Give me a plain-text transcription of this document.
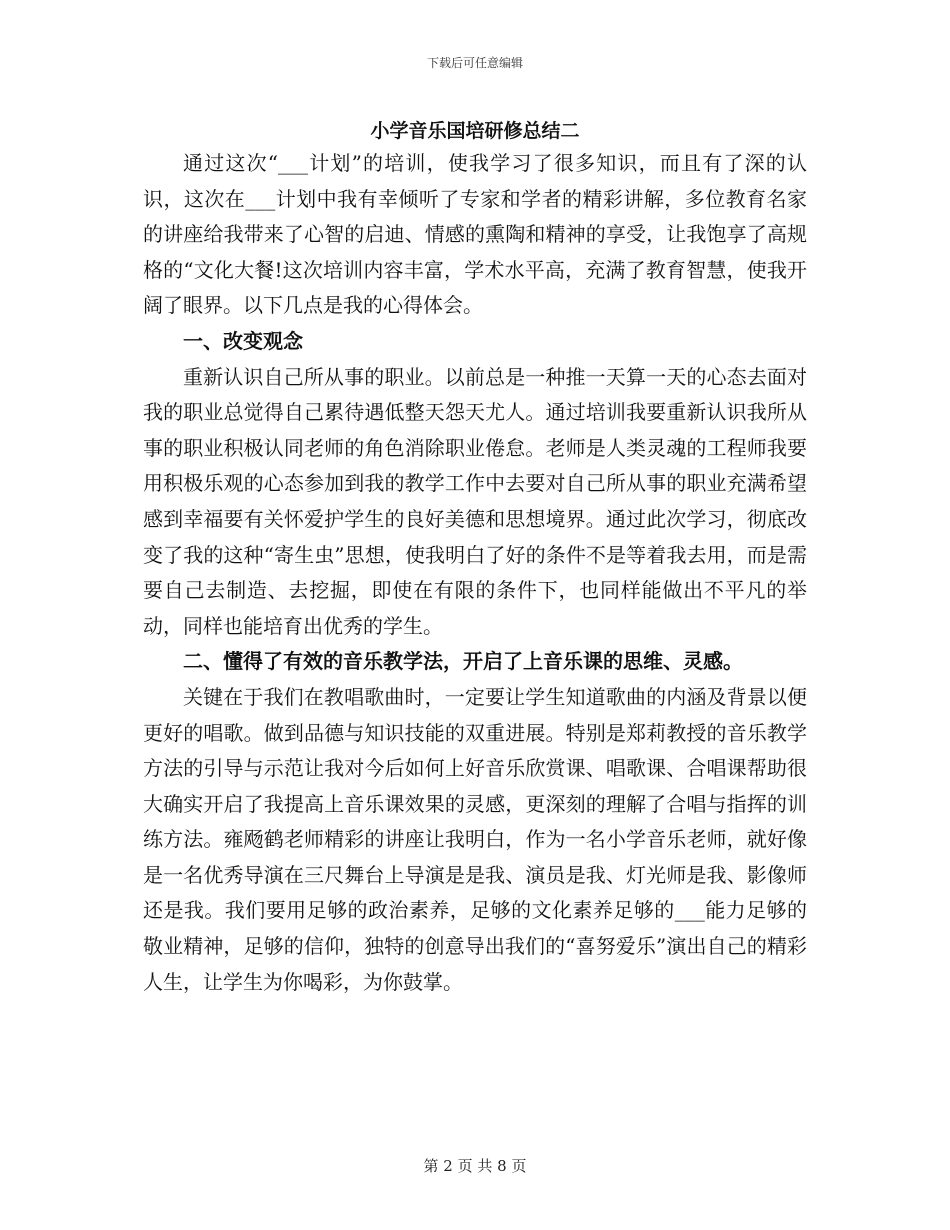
下载后可任意编辑
小学音乐国培研修总结二

通过这次“___计划”的培训，使我学习了很多知识，而且有了深的认识，这次在___计划中我有幸倾听了专家和学者的精彩讲解，多位教育名家的讲座给我带来了心智的启迪、情感的熏陶和精神的享受，让我饱享了高规格的“文化大餐!这次培训内容丰富，学术水平高，充满了教育智慧，使我开阔了眼界。以下几点是我的心得体会。

一、改变观念

重新认识自己所从事的职业。以前总是一种推一天算一天的心态去面对我的职业总觉得自己累待遇低整天怨天尤人。通过培训我要重新认识我所从事的职业积极认同老师的角色消除职业倦怠。老师是人类灵魂的工程师我要用积极乐观的心态参加到我的教学工作中去要对自己所从事的职业充满希望感到幸福要有关怀爱护学生的良好美德和思想境界。通过此次学习，彻底改变了我的这种“寄生虫”思想，使我明白了好的条件不是等着我去用，而是需要自己去制造、去挖掘，即使在有限的条件下，也同样能做出不平凡的举动，同样也能培育出优秀的学生。

二、懂得了有效的音乐教学法，开启了上音乐课的思维、灵感。

关键在于我们在教唱歌曲时，一定要让学生知道歌曲的内涵及背景以便更好的唱歌。做到品德与知识技能的双重进展。特别是郑莉教授的音乐教学方法的引导与示范让我对今后如何上好音乐欣赏课、唱歌课、合唱课帮助很大确实开启了我提高上音乐课效果的灵感，更深刻的理解了合唱与指挥的训练方法。雍飏鹤老师精彩的讲座让我明白，作为一名小学音乐老师，就好像是一名优秀导演在三尺舞台上导演是是我、演员是我、灯光师是我、影像师还是我。我们要用足够的政治素养，足够的文化素养足够的___能力足够的敬业精神，足够的信仰，独特的创意导出我们的“喜努爱乐”演出自己的精彩人生，让学生为你喝彩，为你鼓掌。

第 2 页 共 8 页
